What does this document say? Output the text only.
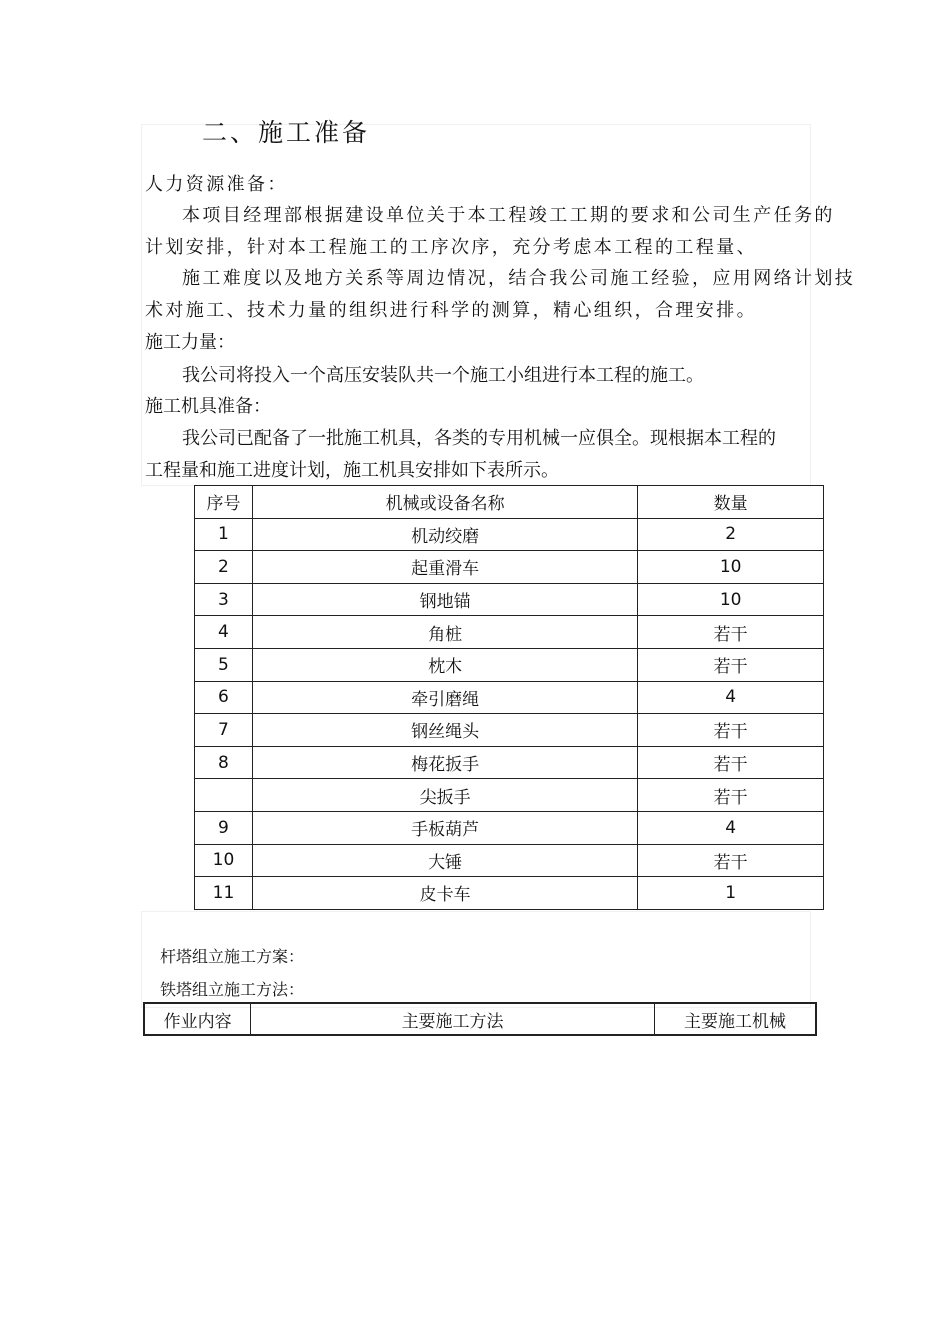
二、施工准备
人力资源准备：
本项目经理部根据建设单位关于本工程竣工工期的要求和公司生产任务的
计划安排，针对本工程施工的工序次序，充分考虑本工程的工程量、
施工难度以及地方关系等周边情况，结合我公司施工经验，应用网络计划技
术对施工、技术力量的组织进行科学的测算，精心组织，合理安排。
施工力量：
我公司将投入一个高压安装队共一个施工小组进行本工程的施工。
施工机具准备：
我公司已配备了一批施工机具，各类的专用机械一应俱全。现根据本工程的
工程量和施工进度计划，施工机具安排如下表所示。
序号	机械或设备名称	数量
1	机动绞磨	2
2	起重滑车	10
3	钢地锚	10
4	角桩	若干
5	枕木	若干
6	牵引磨绳	4
7	钢丝绳头	若干
8	梅花扳手	若干
	尖扳手	若干
9	手板葫芦	4
10	大锤	若干
11	皮卡车	1
杆塔组立施工方案：
铁塔组立施工方法：
作业内容	主要施工方法	主要施工机械
